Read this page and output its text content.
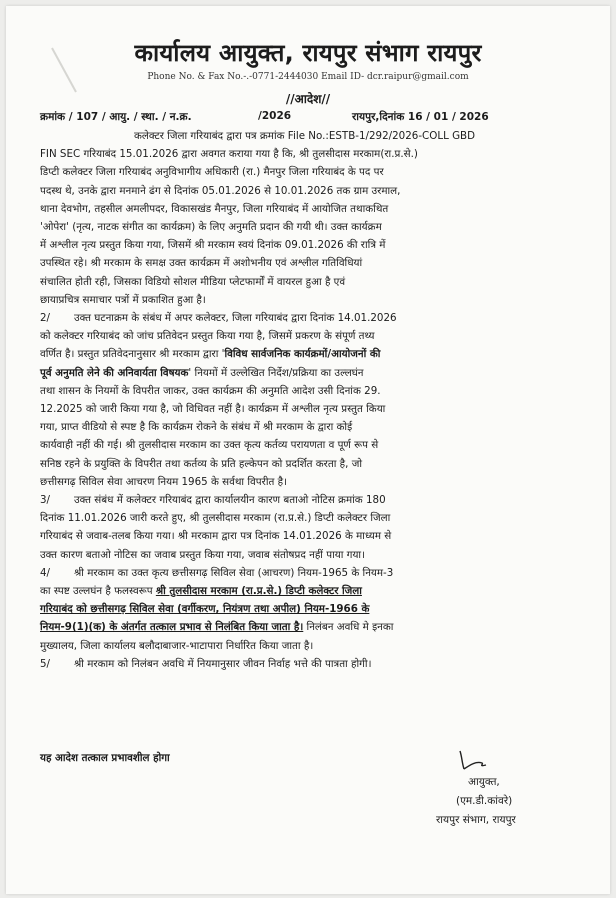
कार्यालय आयुक्त, रायपुर संभाग रायपुर
Phone No. & Fax No.-.-0771-2444030 Email ID- dcr.raipur@gmail.com
//आदेश//
क्रमांक / 107 / आयु. / स्था. / न.क्र.	/2026	रायपुर,दिनांक 16 / 01 / 2026

कलेक्टर जिला गरियाबंद द्वारा पत्र क्रमांक File No.:ESTB-1/292/2026-COLL GBD
FIN SEC गरियाबंद 15.01.2026 द्वारा अवगत कराया गया है कि, श्री तुलसीदास मरकाम(रा.प्र.से.)
डिप्टी कलेक्टर जिला गरियाबंद अनुविभागीय अधिकारी (रा.) मैनपुर जिला गरियाबंद के पद पर
पदस्थ थे, उनके द्वारा मनमाने ढंग से दिनांक 05.01.2026 से 10.01.2026 तक ग्राम उरमाल,
थाना देवभोग, तहसील अमलीपदर, विकासखंड मैनपुर, जिला गरियाबंद में आयोजित तथाकथित
'ओपेरा' (नृत्य, नाटक संगीत का कार्यक्रम) के लिए अनुमति प्रदान की गयी थी। उक्त कार्यक्रम
में अश्लील नृत्य प्रस्तुत किया गया, जिसमें श्री मरकाम स्वयं दिनांक 09.01.2026 की रात्रि में
उपस्थित रहे। श्री मरकाम के समक्ष उक्त कार्यक्रम में अशोभनीय एवं अश्लील गतिविधियां
संचालित होती रही, जिसका विडियो सोशल मीडिया प्लेटफार्मों में वायरल हुआ है एवं
छायाप्रचित्र समाचार पत्रों में प्रकाशित हुआ है।

2/ उक्त घटनाक्रम के संबंध में अपर कलेक्टर, जिला गरियाबंद द्वारा दिनांक 14.01.2026
को कलेक्टर गरियाबंद को जांच प्रतिवेदन प्रस्तुत किया गया है, जिसमें प्रकरण के संपूर्ण तथ्य
वर्णित है। प्रस्तुत प्रतिवेदनानुसार श्री मरकाम द्वारा 'विविध सार्वजनिक कार्यक्रमों/आयोजनों की
पूर्व अनुमति लेने की अनिवार्यता विषयक' नियमों में उल्लेखित निर्देश/प्रक्रिया का उल्लघंन
तथा शासन के नियमों के विपरीत जाकर, उक्त कार्यक्रम की अनुमति आदेश उसी दिनांक 29.
12.2025 को जारी किया गया है, जो विधिवत नहीं है। कार्यक्रम में अश्लील नृत्य प्रस्तुत किया
गया, प्राप्त वीडियो से स्पष्ट है कि कार्यक्रम रोकने के संबंध में श्री मरकाम के द्वारा कोई
कार्यवाही नहीं की गई। श्री तुलसीदास मरकाम का उक्त कृत्य कर्तव्य परायणता व पूर्ण रूप से
सनिष्ठ रहने के प्रयुक्ति के विपरीत तथा कर्तव्य के प्रति हल्केपन को प्रदर्शित करता है, जो
छत्तीसगढ़ सिविल सेवा आचरण नियम 1965 के सर्वथा विपरीत है।

3/ उक्त संबंध में कलेक्टर गरियाबंद द्वारा कार्यालयीन कारण बताओ नोटिस क्रमांक 180
दिनांक 11.01.2026 जारी करते हुए, श्री तुलसीदास मरकाम (रा.प्र.से.) डिप्टी कलेक्टर जिला
गरियाबंद से जवाब-तलब किया गया। श्री मरकाम द्वारा पत्र दिनांक 14.01.2026 के माध्यम से
उक्त कारण बताओ नोटिस का जवाब प्रस्तुत किया गया, जवाब संतोषप्रद नहीं पाया गया।

4/ श्री मरकाम का उक्त कृत्य छत्तीसगढ़ सिविल सेवा (आचरण) नियम-1965 के नियम-3
का स्पष्ट उल्लघंन है फलस्वरूप श्री तुलसीदास मरकाम (रा.प्र.से.) डिप्टी कलेक्टर जिला
गरियाबंद को छत्तीसगढ़ सिविल सेवा (वर्गीकरण, नियंत्रण तथा अपील) नियम-1966 के
नियम-9(1)(क) के अंतर्गत तत्काल प्रभाव से निलंबित किया जाता है। निलंबन अवधि मे इनका
मुख्यालय, जिला कार्यालय बलौदाबाजार-भाटापारा निर्धारित किया जाता है।

5/ श्री मरकाम को निलंबन अवधि में नियमानुसार जीवन निर्वाह भत्ते की पात्रता होगी।

यह आदेश तत्काल प्रभावशील होगा
आयुक्त,
(एम.डी.कांवरे)
रायपुर संभाग, रायपुर
